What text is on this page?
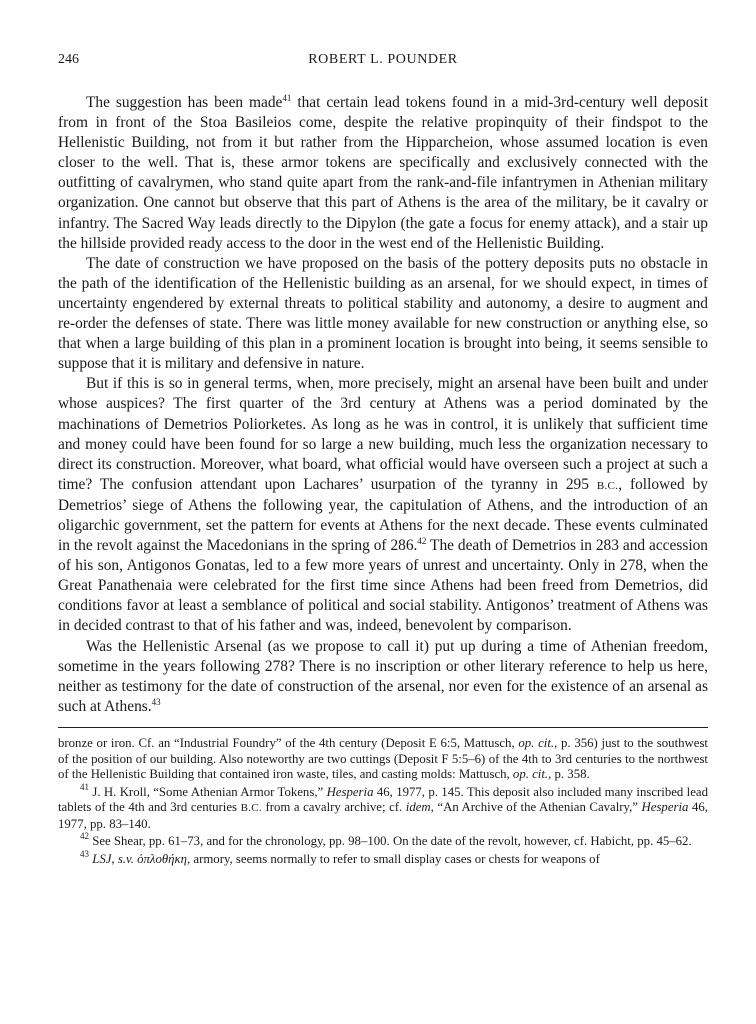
246	ROBERT L. POUNDER

The suggestion has been made$^{41}$ that certain lead tokens found in a mid-3rd-century well deposit from in front of the Stoa Basileios come, despite the relative propinquity of their findspot to the Hellenistic Building, not from it but rather from the Hipparcheion, whose assumed location is even closer to the well. That is, these armor tokens are specifically and exclusively connected with the outfitting of cavalrymen, who stand quite apart from the rank-and-file infantrymen in Athenian military organization. One cannot but observe that this part of Athens is the area of the military, be it cavalry or infantry. The Sacred Way leads directly to the Dipylon (the gate a focus for enemy attack), and a stair up the hillside provided ready access to the door in the west end of the Hellenistic Building.

The date of construction we have proposed on the basis of the pottery deposits puts no obstacle in the path of the identification of the Hellenistic building as an arsenal, for we should expect, in times of uncertainty engendered by external threats to political stability and autonomy, a desire to augment and re-order the defenses of state. There was little money available for new construction or anything else, so that when a large building of this plan in a prominent location is brought into being, it seems sensible to suppose that it is military and defensive in nature.

But if this is so in general terms, when, more precisely, might an arsenal have been built and under whose auspices? The first quarter of the 3rd century at Athens was a period dominated by the machinations of Demetrios Poliorketes. As long as he was in control, it is unlikely that sufficient time and money could have been found for so large a new building, much less the organization necessary to direct its construction. Moreover, what board, what official would have overseen such a project at such a time? The confusion attendant upon Lachares’ usurpation of the tyranny in 295 B.C., followed by Demetrios’ siege of Athens the following year, the capitulation of Athens, and the introduction of an oligarchic government, set the pattern for events at Athens for the next decade. These events culminated in the revolt against the Macedonians in the spring of 286.42 The death of Demetrios in 283 and accession of his son, Antigonos Gonatas, led to a few more years of unrest and uncertainty. Only in 278, when the Great Panathenaia were celebrated for the first time since Athens had been freed from Demetrios, did conditions favor at least a semblance of political and social stability. Antigonos’ treatment of Athens was in decided contrast to that of his father and was, indeed, benevolent by comparison.

Was the Hellenistic Arsenal (as we propose to call it) put up during a time of Athenian freedom, sometime in the years following 278? There is no inscription or other literary reference to help us here, neither as testimony for the date of construction of the arsenal, nor even for the existence of an arsenal as such at Athens.$^{43}$

bronze or iron. Cf. an “Industrial Foundry” of the 4th century (Deposit E 6:5, Mattusch, op. cit., p. 356) just to the southwest of the position of our building. Also noteworthy are two cuttings (Deposit F 5:5–6) of the 4th to 3rd centuries to the northwest of the Hellenistic Building that contained iron waste, tiles, and casting molds: Mattusch, op. cit., p. 358.

$^{41}$ J. H. Kroll, “Some Athenian Armor Tokens,” Hesperia 46, 1977, p. 145. This deposit also included many inscribed lead tablets of the 4th and 3rd centuries B.C. from a cavalry archive; cf. idem, “An Archive of the Athenian Cavalry,” Hesperia 46, 1977, pp. 83–140.

$^{42}$ See Shear, pp. 61–73, and for the chronology, pp. 98–100. On the date of the revolt, however, cf. Habicht, pp. 45–62.

$^{43}$ LSJ, s.v. ὁπλοθήκη, armory, seems normally to refer to small display cases or chests for weapons of
